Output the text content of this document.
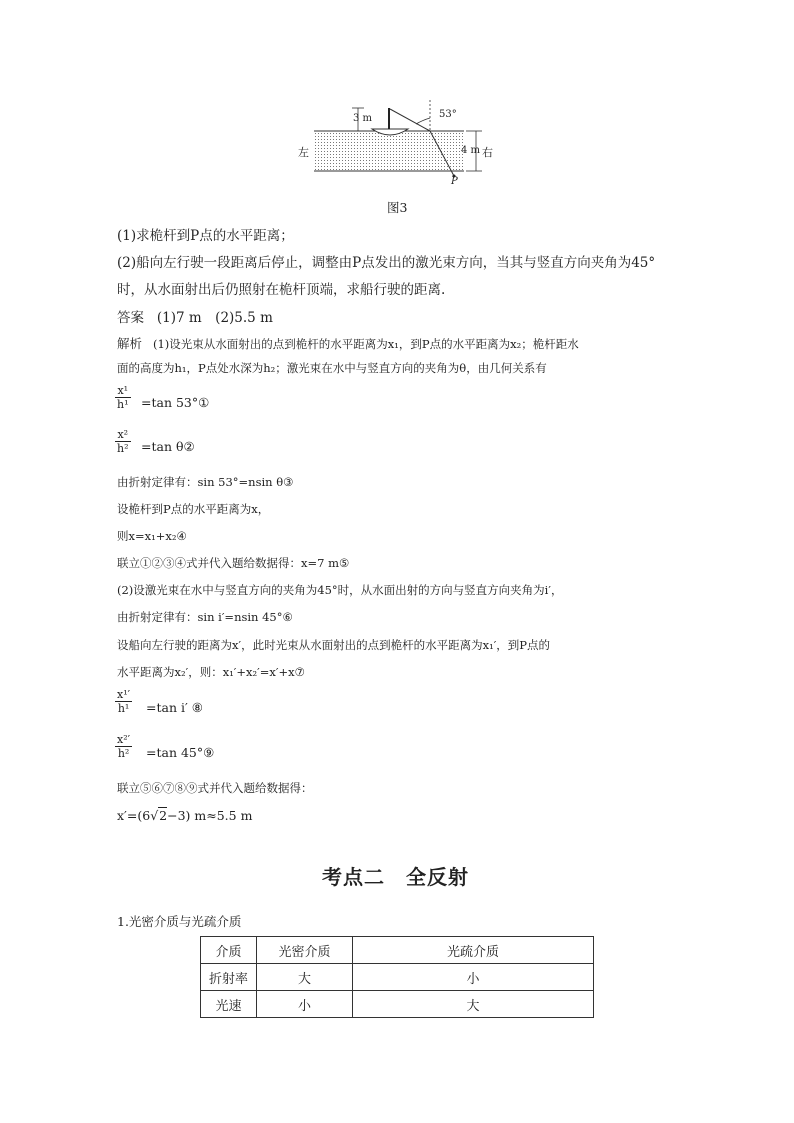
3 m	53°
左	4 m 右
P
图3
(1)求桅杆到P点的水平距离；
(2)船向左行驶一段距离后停止，调整由P点发出的激光束方向，当其与竖直方向夹角为45°
时，从水面射出后仍照射在桅杆顶端，求船行驶的距离.
答案 (1)7 m　(2)5.5 m
解析 (1)设光束从水面射出的点到桅杆的水平距离为x₁，到P点的水平距离为x₂；桅杆距水
面的高度为h₁，P点处水深为h₂；激光束在水中与竖直方向的夹角为θ，由几何关系有
$\frac{\text{x¹}}{\text{h¹}} =\tan$ 53°①
$\frac{\text{x²}}{\text{h²}} =\tan$ θ②
由折射定律有：sin 53°=nsin θ③
设桅杆到P点的水平距离为x，
则x=x₁+x₂④
联立①②③④式并代入题给数据得：x=7 m⑤
(2)设激光束在水中与竖直方向的夹角为45°时，从水面出射的方向与竖直方向夹角为i′，
由折射定律有：sin i′=nsin 45°⑥
设船向左行驶的距离为x′，此时光束从水面射出的点到桅杆的水平距离为x₁′，到P点的
水平距离为x₂′，则：x₁′+x₂′=x′+x⑦
$\frac{\text{x¹′}}{\text{h¹}} =\tan$ i′ ⑧
$\frac{\text{x²′}}{\text{h²}} =\tan$ 45°⑨
联立⑤⑥⑦⑧⑨式并代入题给数据得：
x′=(6√2−3) m≈5.5 m
考点二　全反射
1.光密介质与光疏介质
介质	光密介质	光疏介质
折射率	大	小
光速	小	大
